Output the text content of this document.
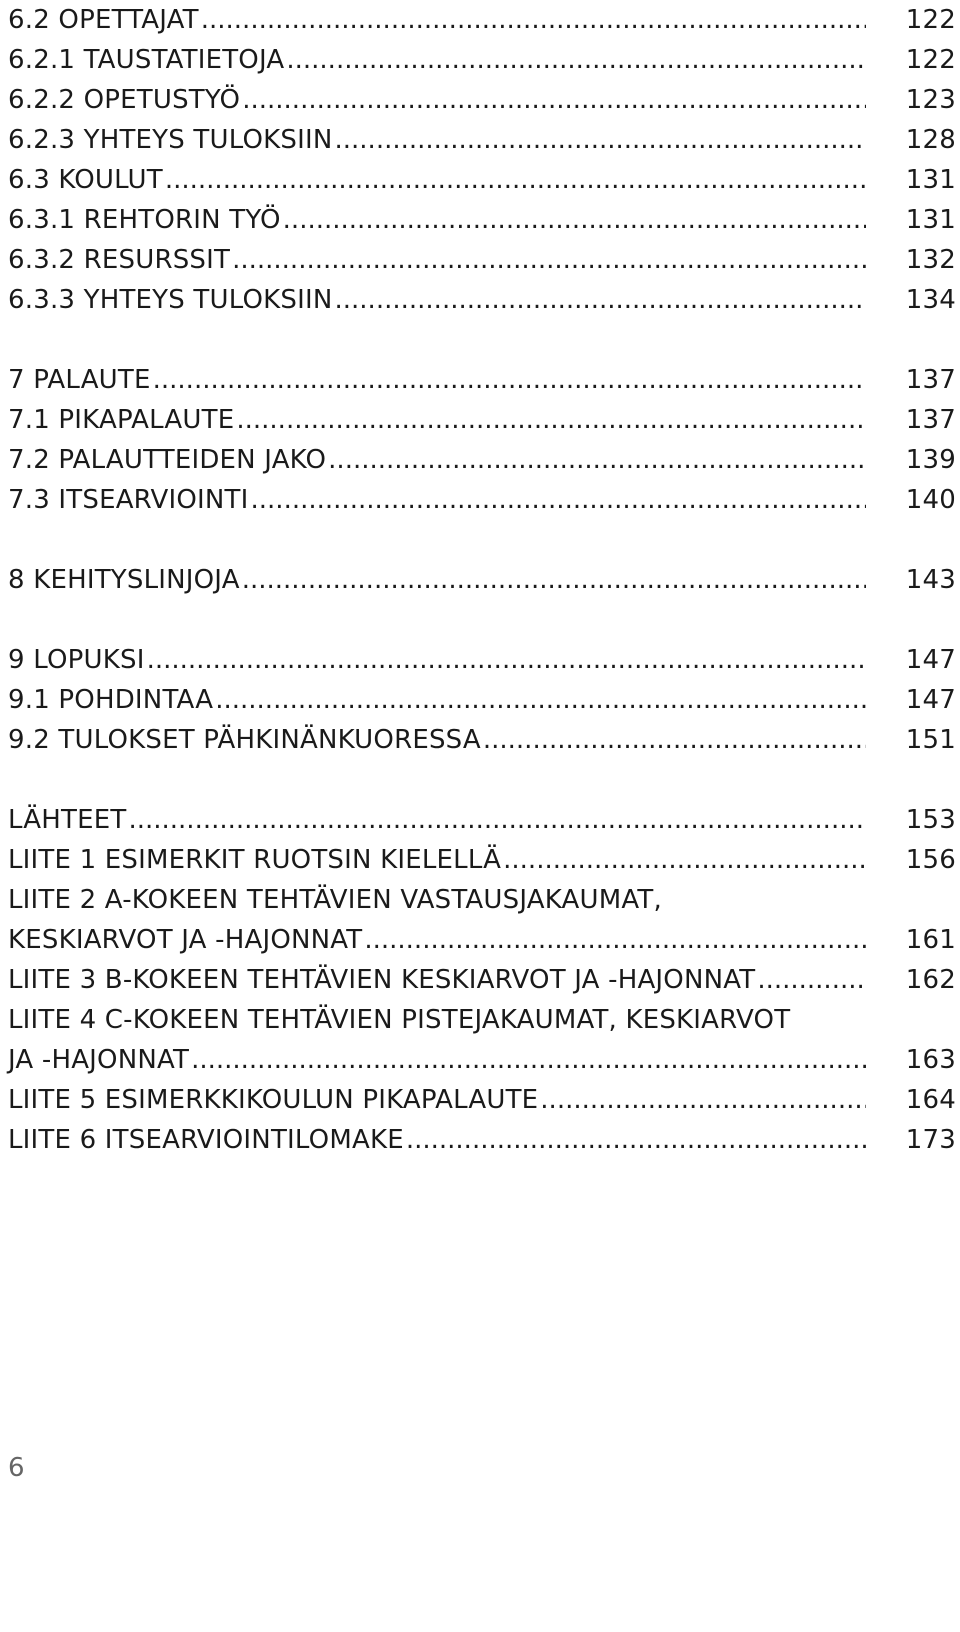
6.2 OPETTAJAT .....	122
6.2.1 TAUSTATIETOJA .....	122
6.2.2 OPETUSTYÖ .....	123
6.2.3 YHTEYS TULOKSIIN .....	128
6.3 KOULUT .....	131
6.3.1 REHTORIN TYÖ .....	131
6.3.2 RESURSSIT .....	132
6.3.3 YHTEYS TULOKSIIN .....	134
7 PALAUTE .....	137
7.1 PIKAPALAUTE .....	137
7.2 PALAUTTEIDEN JAKO .....	139
7.3 ITSEARVIOINTI .....	140
8 KEHITYSLINJOJA .....	143
9 LOPUKSI .....	147
9.1 POHDINTAA .....	147
9.2 TULOKSET PÄHKINÄNKUORESSA .....	151
LÄHTEET .....	153
LIITE 1 ESIMERKIT RUOTSIN KIELELLÄ .....	156
LIITE 2 A-KOKEEN TEHTÄVIEN VASTAUSJAKAUMAT,
KESKIARVOT JA -HAJONNAT .....	161
LIITE 3 B-KOKEEN TEHTÄVIEN KESKIARVOT JA -HAJONNAT .....	162
LIITE 4 C-KOKEEN TEHTÄVIEN PISTEJAKAUMAT, KESKIARVOT
JA -HAJONNAT .....	163
LIITE 5 ESIMERKKIKOULUN PIKAPALAUTE .....	164
LIITE 6 ITSEARVIOINTILOMAKE .....	173
6
